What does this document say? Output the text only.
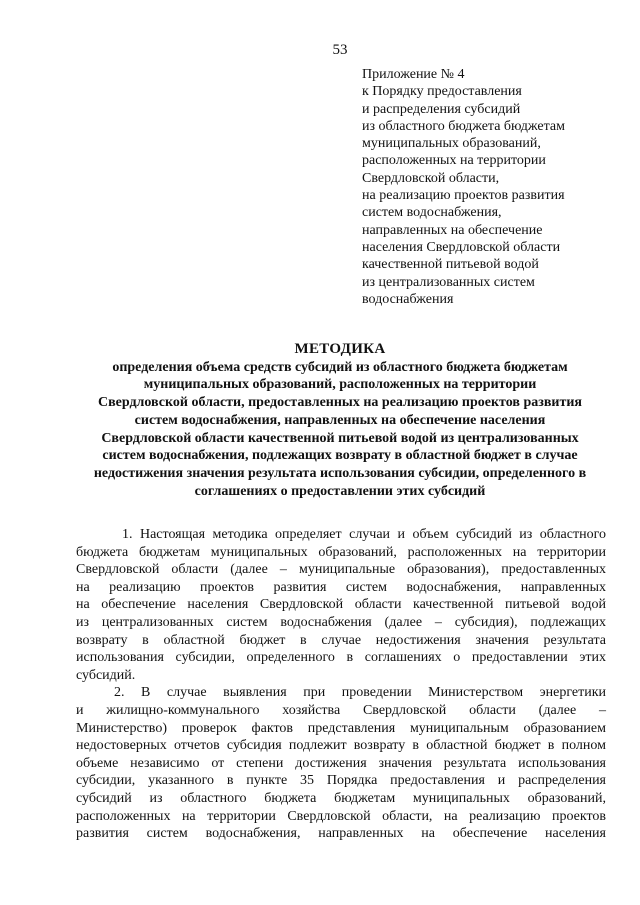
53
Приложение № 4
к Порядку предоставления
и распределения субсидий
из областного бюджета бюджетам
муниципальных образований,
расположенных на территории
Свердловской области,
на реализацию проектов развития
систем водоснабжения,
направленных на обеспечение
населения Свердловской области
качественной питьевой водой
из централизованных систем
водоснабжения
МЕТОДИКА
определения объема средств субсидий из областного бюджета бюджетам
муниципальных образований, расположенных на территории
Свердловской области, предоставленных на реализацию проектов развития
систем водоснабжения, направленных на обеспечение населения
Свердловской области качественной питьевой водой из централизованных
систем водоснабжения, подлежащих возврату в областной бюджет в случае
недостижения значения результата использования субсидии, определенного в
соглашениях о предоставлении этих субсидий
1. Настоящая методика определяет случаи и объем субсидий из областного
бюджета бюджетам муниципальных образований, расположенных на территории
Свердловской области (далее – муниципальные образования), предоставленных
на реализацию проектов развития систем водоснабжения, направленных
на обеспечение населения Свердловской области качественной питьевой водой
из централизованных систем водоснабжения (далее – субсидия), подлежащих
возврату в областной бюджет в случае недостижения значения результата
использования субсидии, определенного в соглашениях о предоставлении этих
субсидий.
2. В случае выявления при проведении Министерством энергетики
и жилищно-коммунального хозяйства Свердловской области (далее –
Министерство) проверок фактов представления муниципальным образованием
недостоверных отчетов субсидия подлежит возврату в областной бюджет в полном
объеме независимо от степени достижения значения результата использования
субсидии, указанного в пункте 35 Порядка предоставления и распределения
субсидий из областного бюджета бюджетам муниципальных образований,
расположенных на территории Свердловской области, на реализацию проектов
развития систем водоснабжения, направленных на обеспечение населения
